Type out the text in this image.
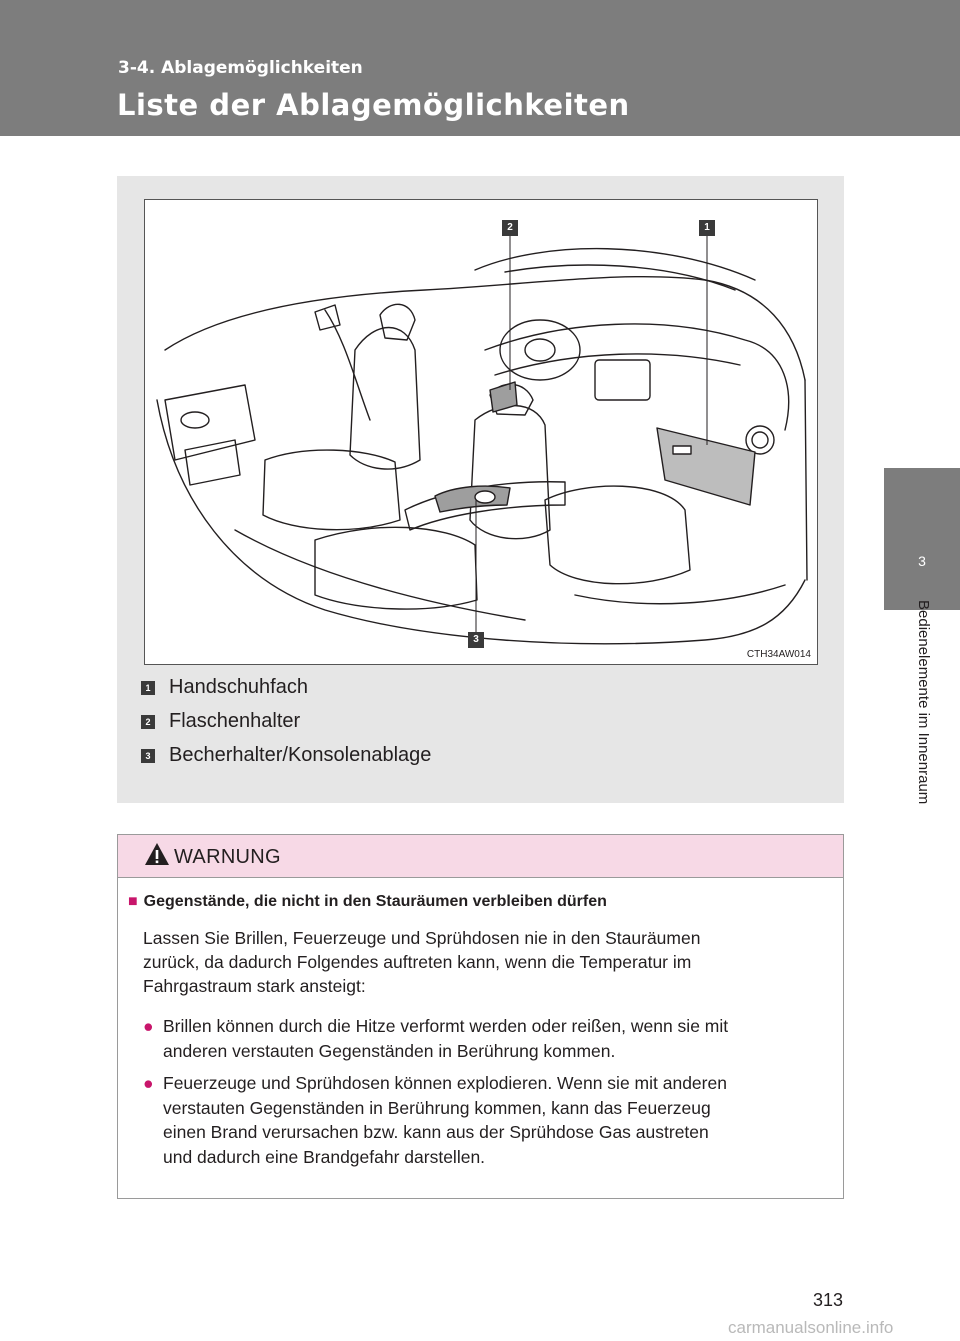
3-4. Ablagemöglichkeiten
Liste der Ablagemöglichkeiten
3
Bedienelemente im Innenraum
1
2
3
CTH34AW014
1 Handschuhfach
2 Flaschenhalter
3 Becherhalter/Konsolenablage
WARNUNG
■ Gegenstände, die nicht in den Stauräumen verbleiben dürfen
Lassen Sie Brillen, Feuerzeuge und Sprühdosen nie in den Stauräumen
zurück, da dadurch Folgendes auftreten kann, wenn die Temperatur im
Fahrgastraum stark ansteigt:
● Brillen können durch die Hitze verformt werden oder reißen, wenn sie mit
anderen verstauten Gegenständen in Berührung kommen.
● Feuerzeuge und Sprühdosen können explodieren. Wenn sie mit anderen
verstauten Gegenständen in Berührung kommen, kann das Feuerzeug
einen Brand verursachen bzw. kann aus der Sprühdose Gas austreten
und dadurch eine Brandgefahr darstellen.
313
carmanualsonline.info
